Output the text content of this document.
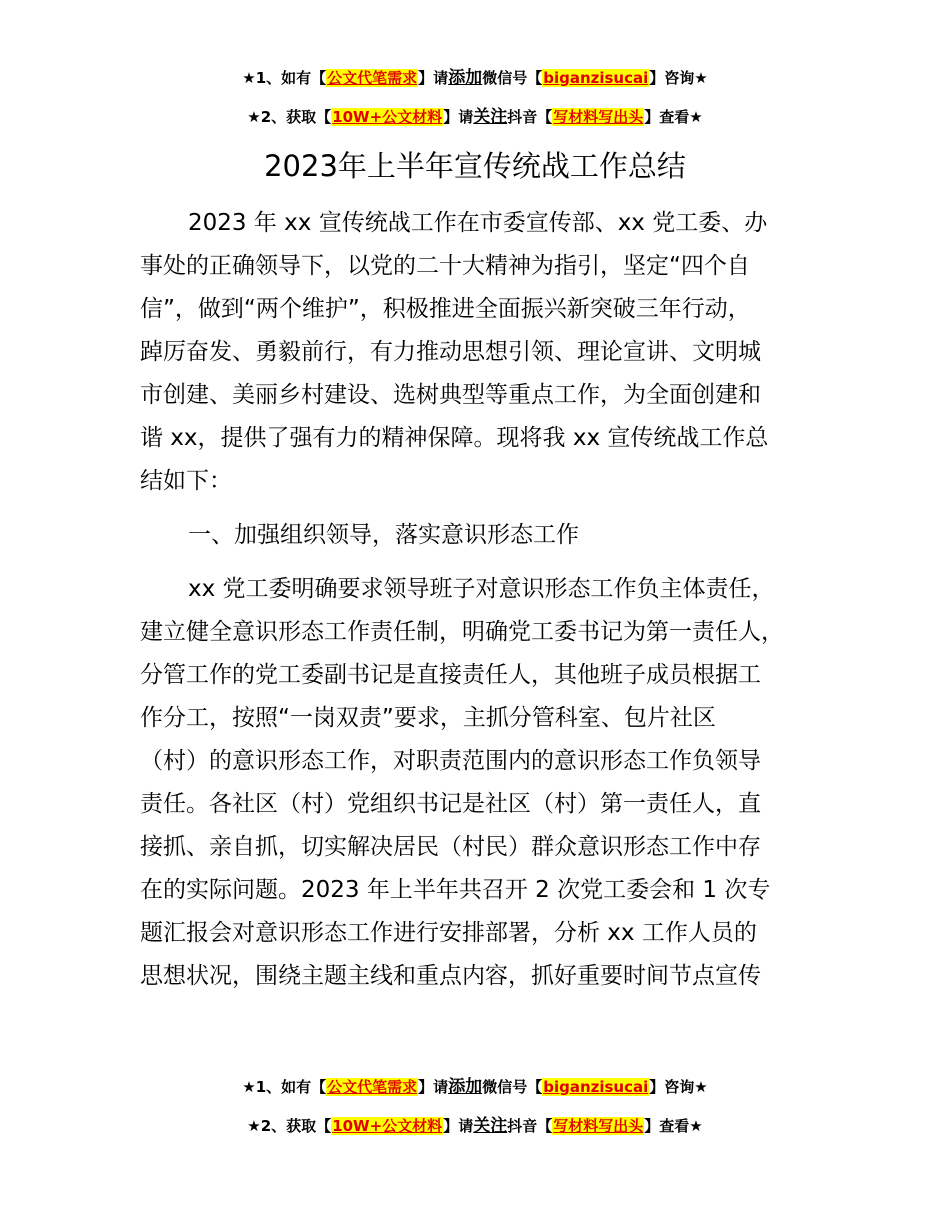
★1、如有【公文代笔需求】请添加微信号【biganzisucai】咨询★
★2、获取【10W+公文材料】请关注抖音【写材料写出头】查看★
2023年上半年宣传统战工作总结
2023 年 xx 宣传统战工作在市委宣传部、xx 党工委、办
事处的正确领导下，以党的二十大精神为指引，坚定“四个自
信”，做到“两个维护”，积极推进全面振兴新突破三年行动，
踔厉奋发、勇毅前行，有力推动思想引领、理论宣讲、文明城
市创建、美丽乡村建设、选树典型等重点工作，为全面创建和
谐 xx，提供了强有力的精神保障。现将我 xx 宣传统战工作总
结如下：
一、加强组织领导，落实意识形态工作
xx 党工委明确要求领导班子对意识形态工作负主体责任，
建立健全意识形态工作责任制，明确党工委书记为第一责任人，
分管工作的党工委副书记是直接责任人，其他班子成员根据工
作分工，按照“一岗双责”要求，主抓分管科室、包片社区
（村）的意识形态工作，对职责范围内的意识形态工作负领导
责任。各社区（村）党组织书记是社区（村）第一责任人，直
接抓、亲自抓，切实解决居民（村民）群众意识形态工作中存
在的实际问题。2023 年上半年共召开 2 次党工委会和 1 次专
题汇报会对意识形态工作进行安排部署，分析 xx 工作人员的
思想状况，围绕主题主线和重点内容，抓好重要时间节点宣传
★1、如有【公文代笔需求】请添加微信号【biganzisucai】咨询★
★2、获取【10W+公文材料】请关注抖音【写材料写出头】查看★
